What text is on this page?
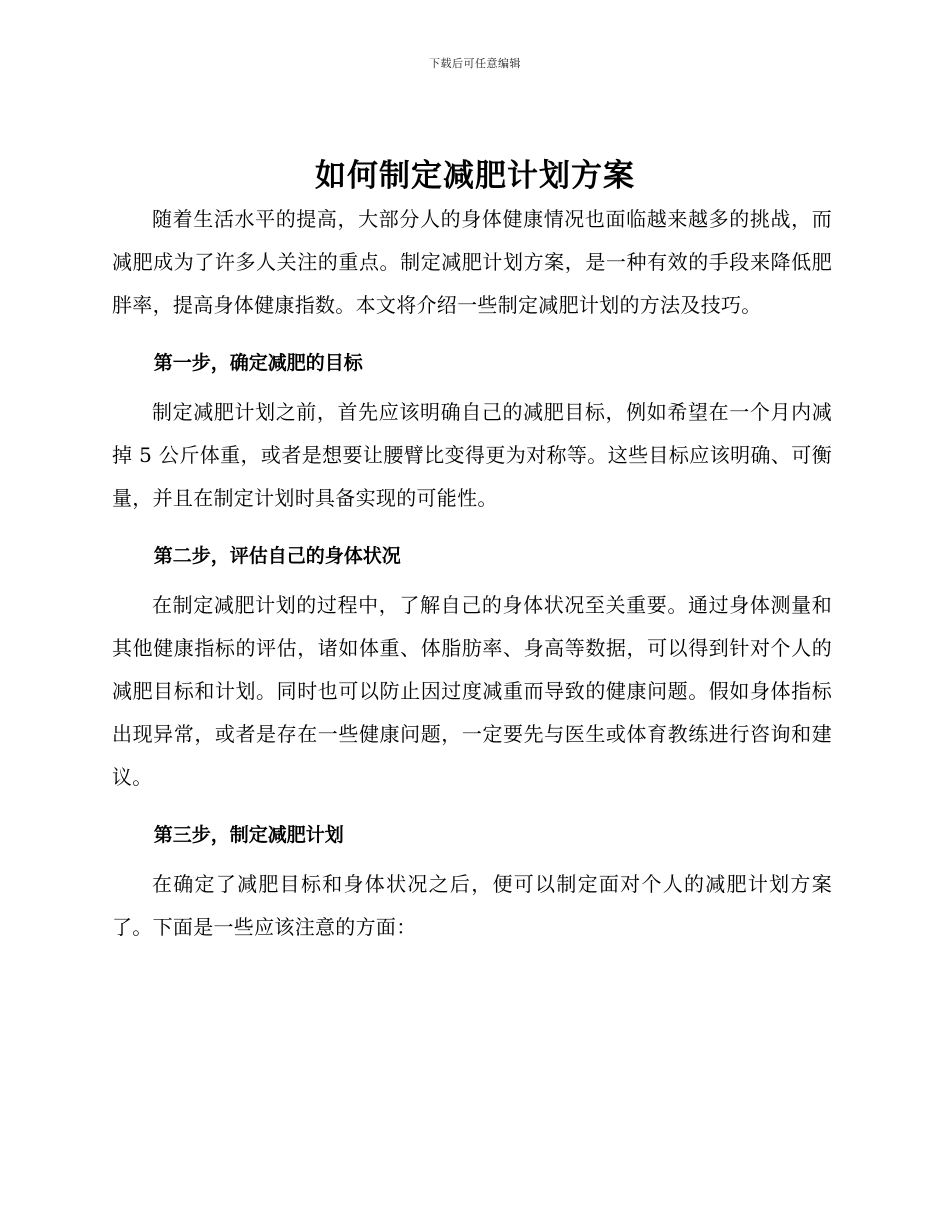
下载后可任意编辑
如何制定减肥计划方案

随着生活水平的提高，大部分人的身体健康情况也面临越来越多的挑战，而减肥成为了许多人关注的重点。制定减肥计划方案，是一种有效的手段来降低肥胖率，提高身体健康指数。本文将介绍一些制定减肥计划的方法及技巧。

第一步，确定减肥的目标

制定减肥计划之前，首先应该明确自己的减肥目标，例如希望在一个月内减掉 5 公斤体重，或者是想要让腰臂比变得更为对称等。这些目标应该明确、可衡量，并且在制定计划时具备实现的可能性。

第二步，评估自己的身体状况

在制定减肥计划的过程中，了解自己的身体状况至关重要。通过身体测量和其他健康指标的评估，诸如体重、体脂肪率、身高等数据，可以得到针对个人的减肥目标和计划。同时也可以防止因过度减重而导致的健康问题。假如身体指标出现异常，或者是存在一些健康问题，一定要先与医生或体育教练进行咨询和建议。

第三步，制定减肥计划

在确定了减肥目标和身体状况之后，便可以制定面对个人的减肥计划方案了。下面是一些应该注意的方面：
